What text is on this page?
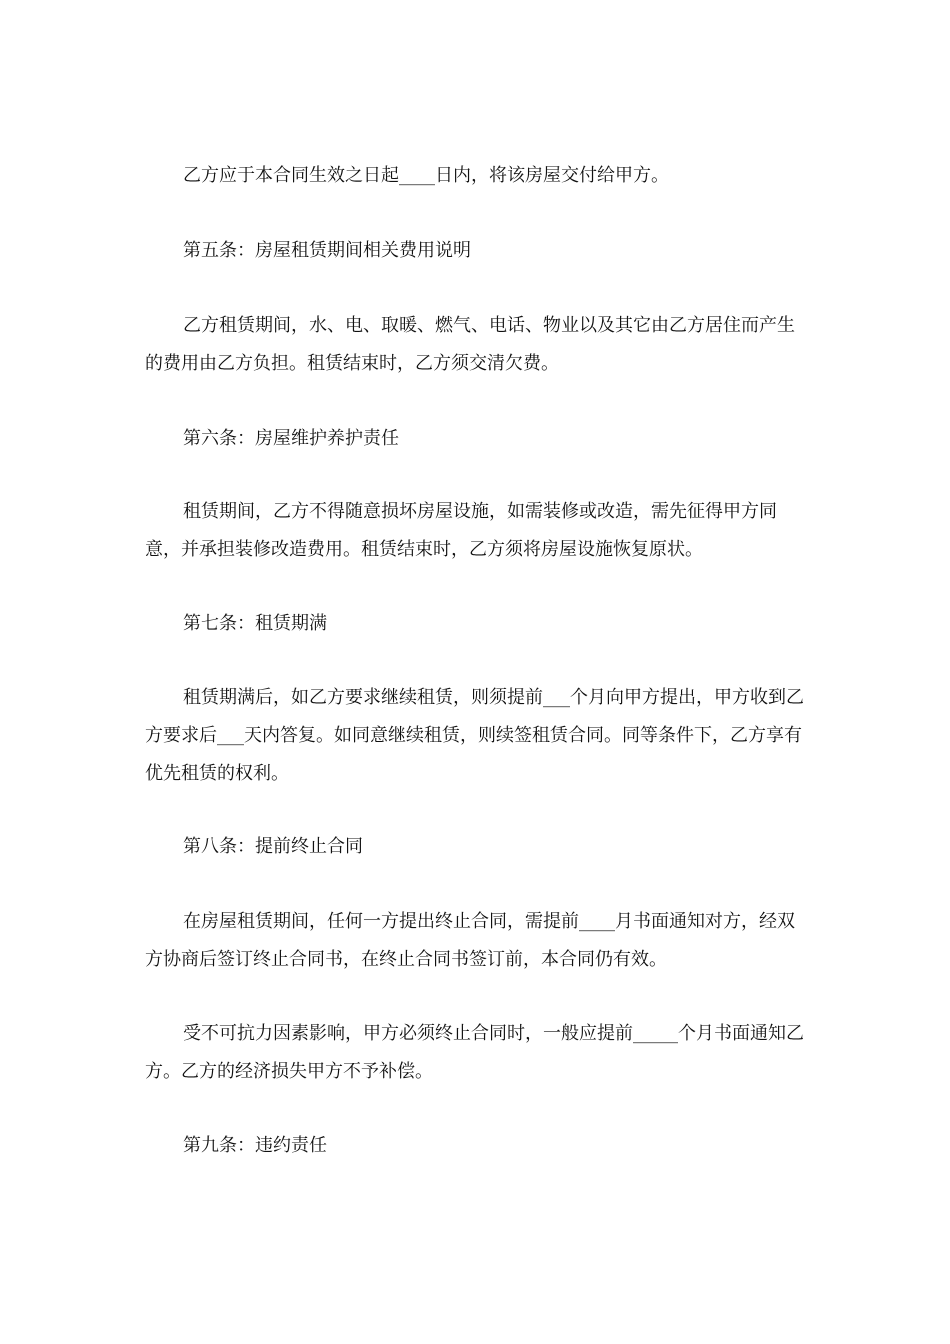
乙方应于本合同生效之日起____日内，将该房屋交付给甲方。

第五条：房屋租赁期间相关费用说明

乙方租赁期间，水、电、取暖、燃气、电话、物业以及其它由乙方居住而产生的费用由乙方负担。租赁结束时，乙方须交清欠费。

第六条：房屋维护养护责任

租赁期间，乙方不得随意损坏房屋设施，如需装修或改造，需先征得甲方同意，并承担装修改造费用。租赁结束时，乙方须将房屋设施恢复原状。

第七条：租赁期满

租赁期满后，如乙方要求继续租赁，则须提前___个月向甲方提出，甲方收到乙方要求后___天内答复。如同意继续租赁，则续签租赁合同。同等条件下，乙方享有优先租赁的权利。

第八条：提前终止合同

在房屋租赁期间，任何一方提出终止合同，需提前____月书面通知对方，经双方协商后签订终止合同书，在终止合同书签订前，本合同仍有效。

受不可抗力因素影响，甲方必须终止合同时，一般应提前_____个月书面通知乙方。乙方的经济损失甲方不予补偿。

第九条：违约责任
